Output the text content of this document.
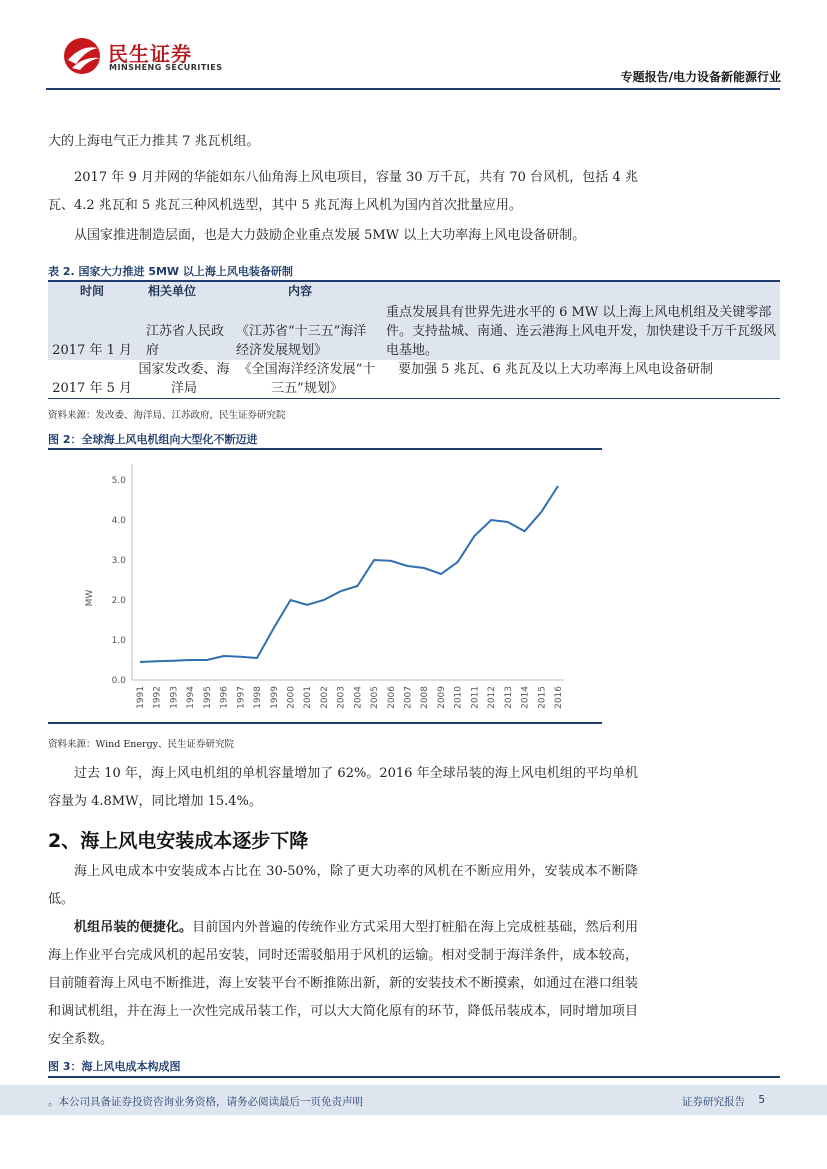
民生证券
MINSHENG SECURITIES
专题报告/电力设备新能源行业
大的上海电气正力推其 7 兆瓦机组。
2017 年 9 月并网的华能如东八仙角海上风电项目，容量 30 万千瓦，共有 70 台风机，包括 4 兆瓦、4.2 兆瓦和 5 兆瓦三种风机选型，其中 5 兆瓦海上风机为国内首次批量应用。
从国家推进制造层面，也是大力鼓励企业重点发展 5MW 以上大功率海上风电设备研制。
表 2. 国家大力推进 5MW 以上海上风电装备研制
时间	相关单位	内容	
2017 年 1 月	江苏省人民政府	《江苏省“十三五”海洋经济发展规划》	重点发展具有世界先进水平的 6 MW 以上海上风电机组及关键零部件。支持盐城、南通、连云港海上风电开发，加快建设千万千瓦级风电基地。
2017 年 5 月	国家发改委、海洋局	《全国海洋经济发展“十三五”规划》	要加强 5 兆瓦、6 兆瓦及以上大功率海上风电设备研制
资料来源：发改委、海洋局、江苏政府，民生证券研究院
图 2：全球海上风电机组向大型化不断迈进
0.0
1.0
2.0
3.0
4.0
5.0
1991 1992 1993 1994 1995 1996 1997 1998 1999 2000 2001 2002 2003 2004 2005 2006 2007 2008 2009 2010 2011 2012 2013 2014 2015 2016
MW
资料来源：Wind Energy、民生证券研究院
过去 10 年，海上风电机组的单机容量增加了 62%。2016 年全球吊装的海上风电机组的平均单机容量为 4.8MW，同比增加 15.4%。
2、海上风电安装成本逐步下降
海上风电成本中安装成本占比在 30-50%，除了更大功率的风机在不断应用外，安装成本不断降低。
机组吊装的便捷化。目前国内外普遍的传统作业方式采用大型打桩船在海上完成桩基础，然后利用海上作业平台完成风机的起吊安装，同时还需驳船用于风机的运输。相对受制于海洋条件，成本较高，目前随着海上风电不断推进，海上安装平台不断推陈出新，新的安装技术不断摸索，如通过在港口组装和调试机组，并在海上一次性完成吊装工作，可以大大简化原有的环节，降低吊装成本，同时增加项目安全系数。
图 3：海上风电成本构成图
。本公司具备证券投资咨询业务资格，请务必阅读最后一页免责声明	证券研究报告 5
